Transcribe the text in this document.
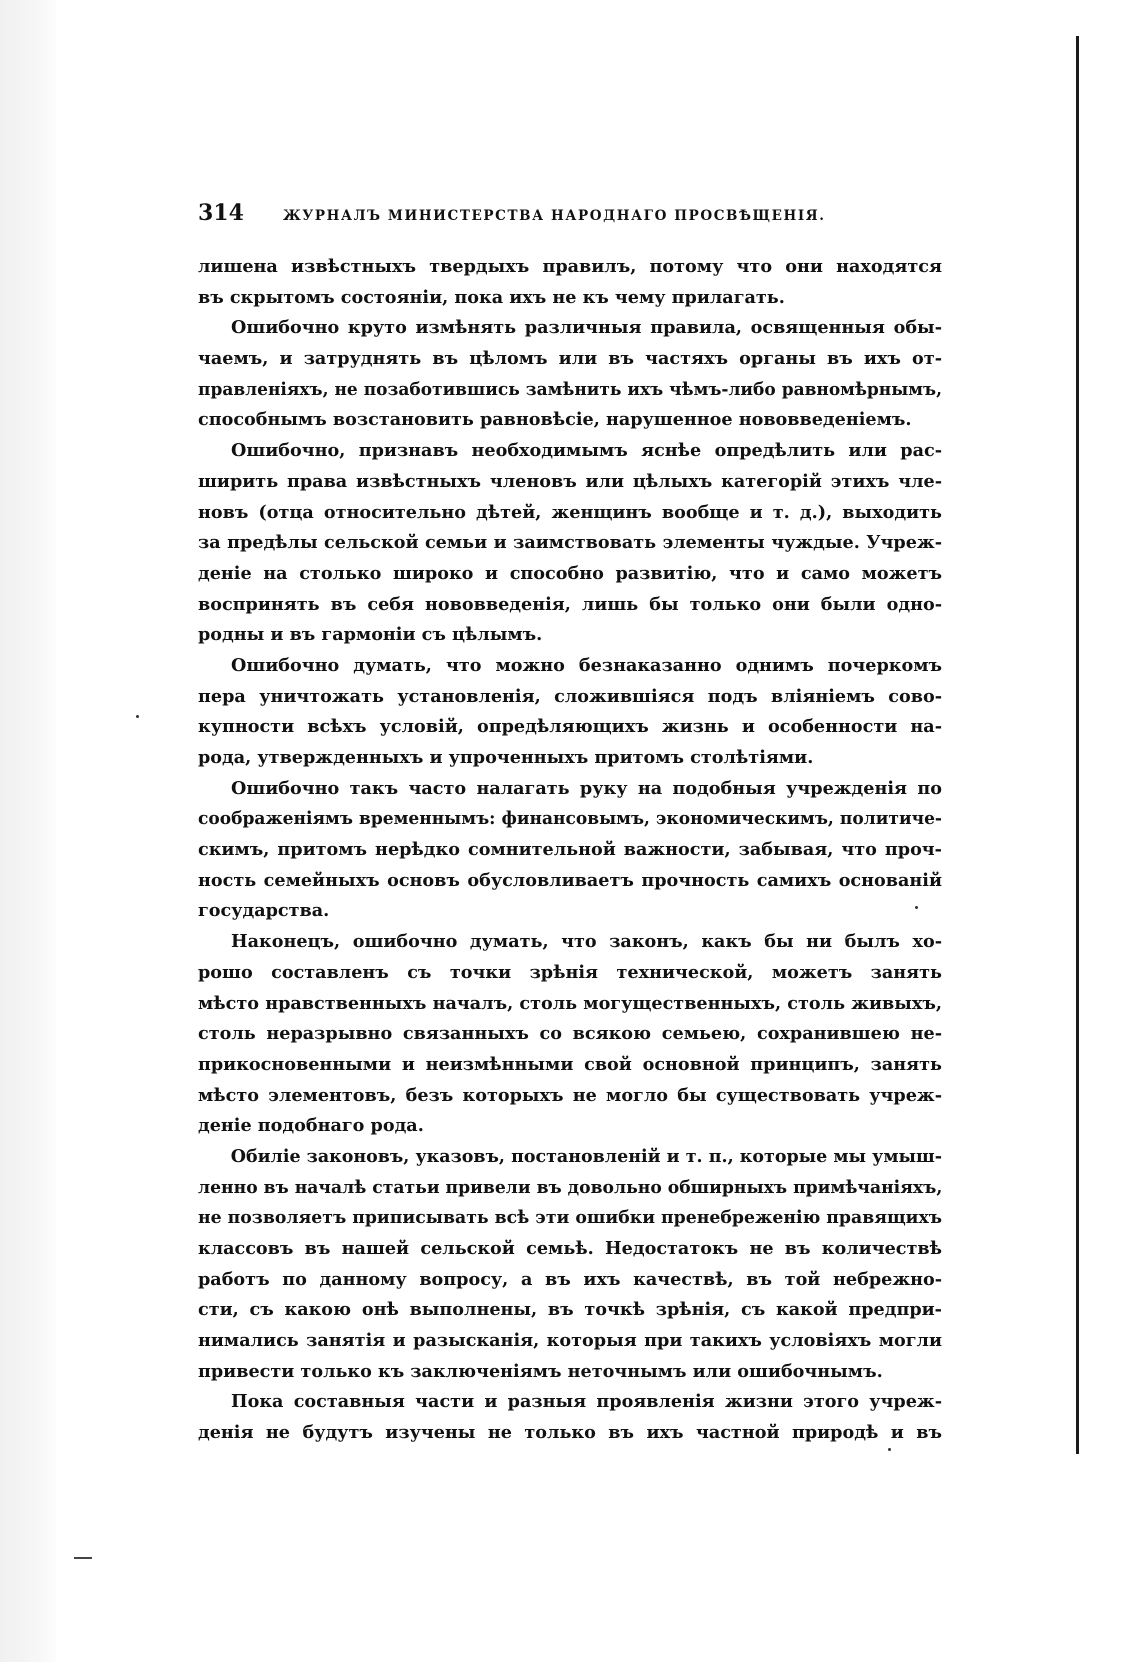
314	ЖУРНАЛЪ МИНИСТЕРСТВА НАРОДНАГО ПРОСВѢЩЕНІЯ.
лишена извѣстныхъ твердыхъ правилъ, потому что они находятся
въ скрытомъ состояніи, пока ихъ не къ чему прилагать.
Ошибочно круто измѣнять различныя правила, освященныя обы-
чаемъ, и затруднять въ цѣломъ или въ частяхъ органы въ ихъ от-
правленіяхъ, не позаботившись замѣнить ихъ чѣмъ-либо равномѣрнымъ,
способнымъ возстановить равновѣсіе, нарушенное нововведеніемъ.
Ошибочно, признавъ необходимымъ яснѣе опредѣлить или рас-
ширить права извѣстныхъ членовъ или цѣлыхъ категорій этихъ чле-
новъ (отца относительно дѣтей, женщинъ вообще и т. д.), выходить
за предѣлы сельской семьи и заимствовать элементы чуждые. Учреж-
деніе на столько широко и способно развитію, что и само можетъ
воспринять въ себя нововведенія, лишь бы только они были одно-
родны и въ гармоніи съ цѣлымъ.
Ошибочно думать, что можно безнаказанно однимъ почеркомъ
пера уничтожать установленія, сложившіяся подъ вліяніемъ сово-
купности всѣхъ условій, опредѣляющихъ жизнь и особенности на-
рода, утвержденныхъ и упроченныхъ притомъ столѣтіями.
Ошибочно такъ часто налагать руку на подобныя учрежденія по
соображеніямъ временнымъ: финансовымъ, экономическимъ, политиче-
скимъ, притомъ нерѣдко сомнительной важности, забывая, что проч-
ность семейныхъ основъ обусловливаетъ прочность самихъ основаній
государства.
Наконецъ, ошибочно думать, что законъ, какъ бы ни былъ хо-
рошо составленъ съ точки зрѣнія технической, можетъ занять
мѣсто нравственныхъ началъ, столь могущественныхъ, столь живыхъ,
столь неразрывно связанныхъ со всякою семьею, сохранившею не-
прикосновенными и неизмѣнными свой основной принципъ, занять
мѣсто элементовъ, безъ которыхъ не могло бы существовать учреж-
деніе подобнаго рода.
Обиліе законовъ, указовъ, постановленій и т. п., которые мы умыш-
ленно въ началѣ статьи привели въ довольно обширныхъ примѣчаніяхъ,
не позволяетъ приписывать всѣ эти ошибки пренебреженію правящихъ
классовъ въ нашей сельской семьѣ. Недостатокъ не въ количествѣ
работъ по данному вопросу, а въ ихъ качествѣ, въ той небрежно-
сти, съ какою онѣ выполнены, въ точкѣ зрѣнія, съ какой предпри-
нимались занятія и разысканія, которыя при такихъ условіяхъ могли
привести только къ заключеніямъ неточнымъ или ошибочнымъ.
Пока составныя части и разныя проявленія жизни этого учреж-
денія не будутъ изучены не только въ ихъ частной природѣ и въ
